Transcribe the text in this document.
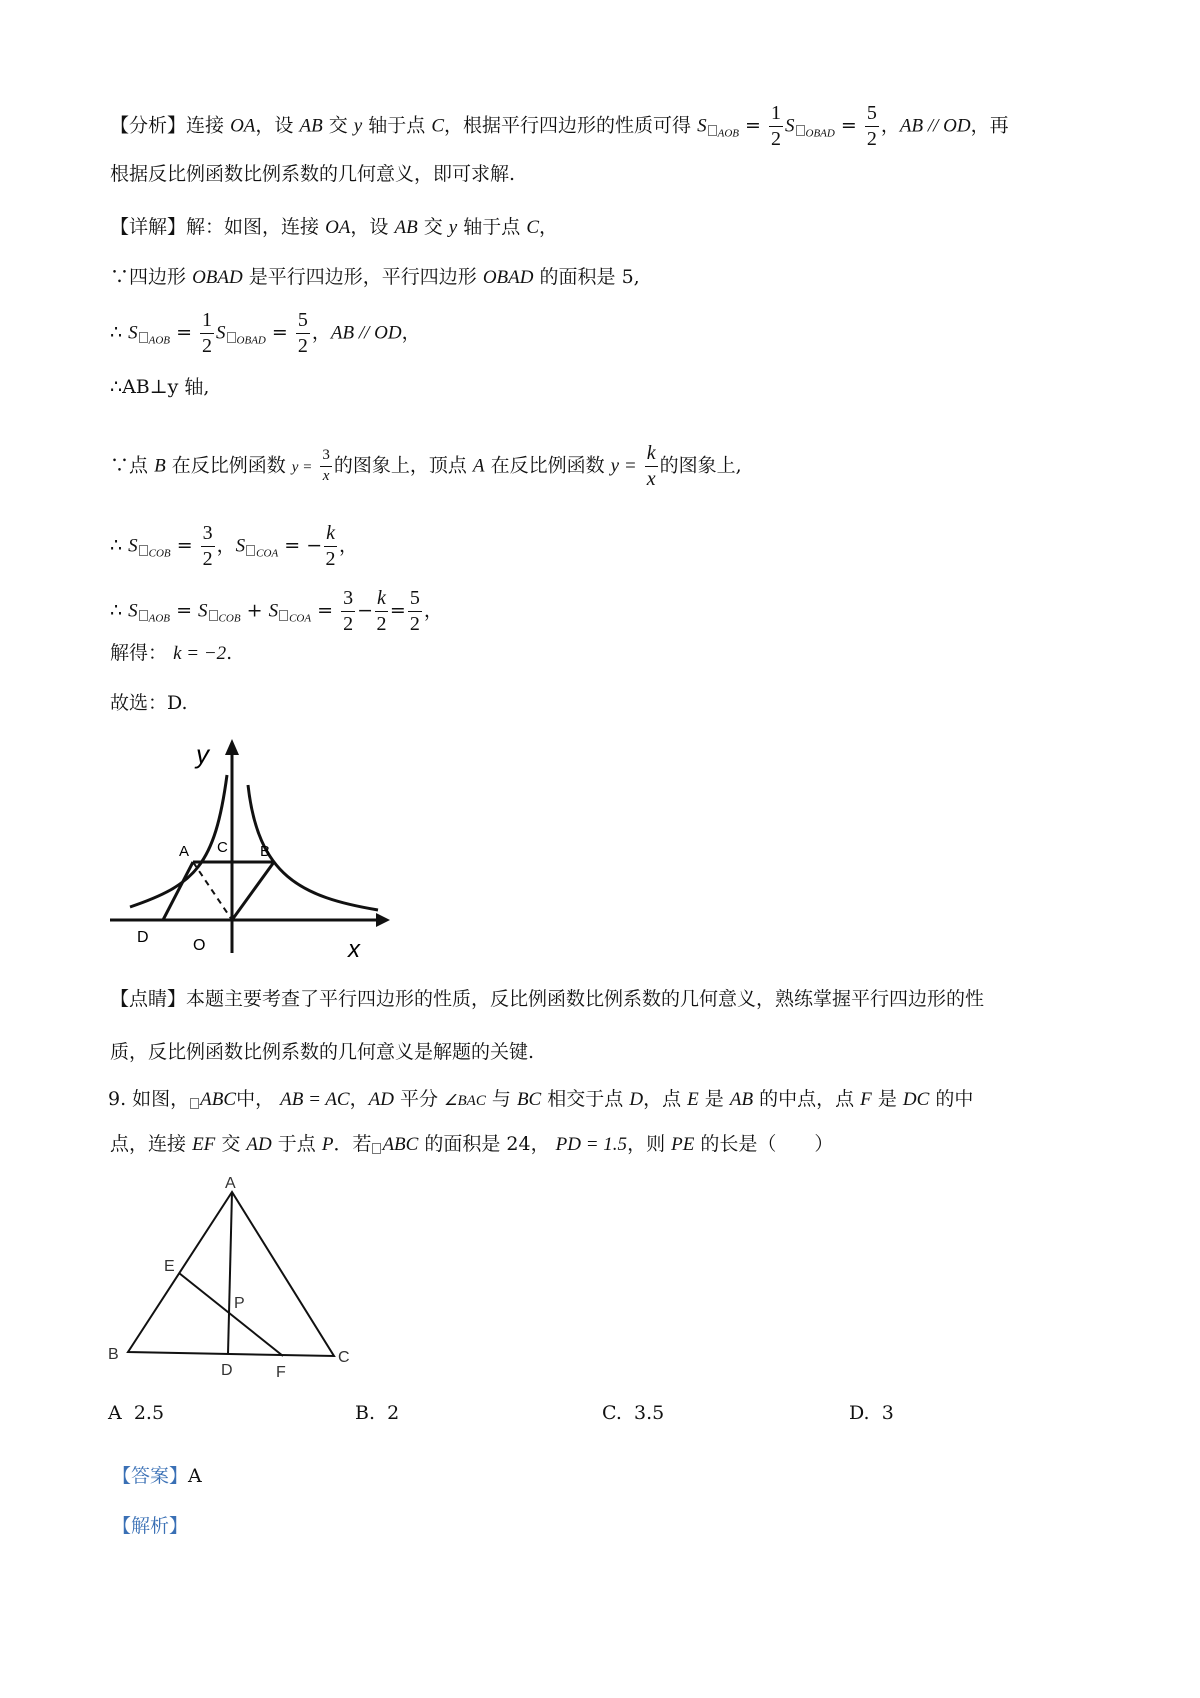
【分析】连接 OA，设 AB 交 y 轴于点 C，根据平行四边形的性质可得 S $_{AOB} = \frac{1}{2}$ S $_{OBAD} = \frac{5}{2}$ ，AB // OD，再
根据反比例函数比例系数的几何意义，即可求解.
【详解】解：如图，连接 OA，设 AB 交 y 轴于点 C，
∵四边形 OBAD 是平行四边形，平行四边形 OBAD 的面积是 5,
∴ S $_{AOB} = \frac{1}{2}$ S $_{OBAD} = \frac{5}{2}$ ，AB // OD，
∴AB⊥y 轴,
∵点 B 在反比例函数 $y = \frac{3}{x}$ 的图象上，顶点 A 在反比例函数 $y = \frac{k}{x}$ 的图象上,
∴ S $_{COB} = \frac{3}{2}$ ，S $_{COA}$ = − $\frac{k}{2}$ ，
∴ S $_{AOB}$ = S $_{COB}$ + S $_{COA} = \frac{3}{2} - \frac{k}{2} = \frac{5}{2}$ ，
解得： k = −2.
故选：D.
y
x
A	B
C
D	O
【点睛】本题主要考查了平行四边形的性质，反比例函数比例系数的几何意义，熟练掌握平行四边形的性
质，反比例函数比例系数的几何意义是解题的关键.
9. 如图， ABC中， AB = AC，AD 平分 ∠BAC 与 BC 相交于点 D，点 E 是 AB 的中点，点 F 是 DC 的中
点，连接 EF 交 AD 于点 P．若 ABC 的面积是 24， PD = 1.5，则 PE 的长是（　　）
A
B	C
D
E
F
P
A 2.5	B. 2	C. 3.5	D. 3
【答案】A
【解析】
